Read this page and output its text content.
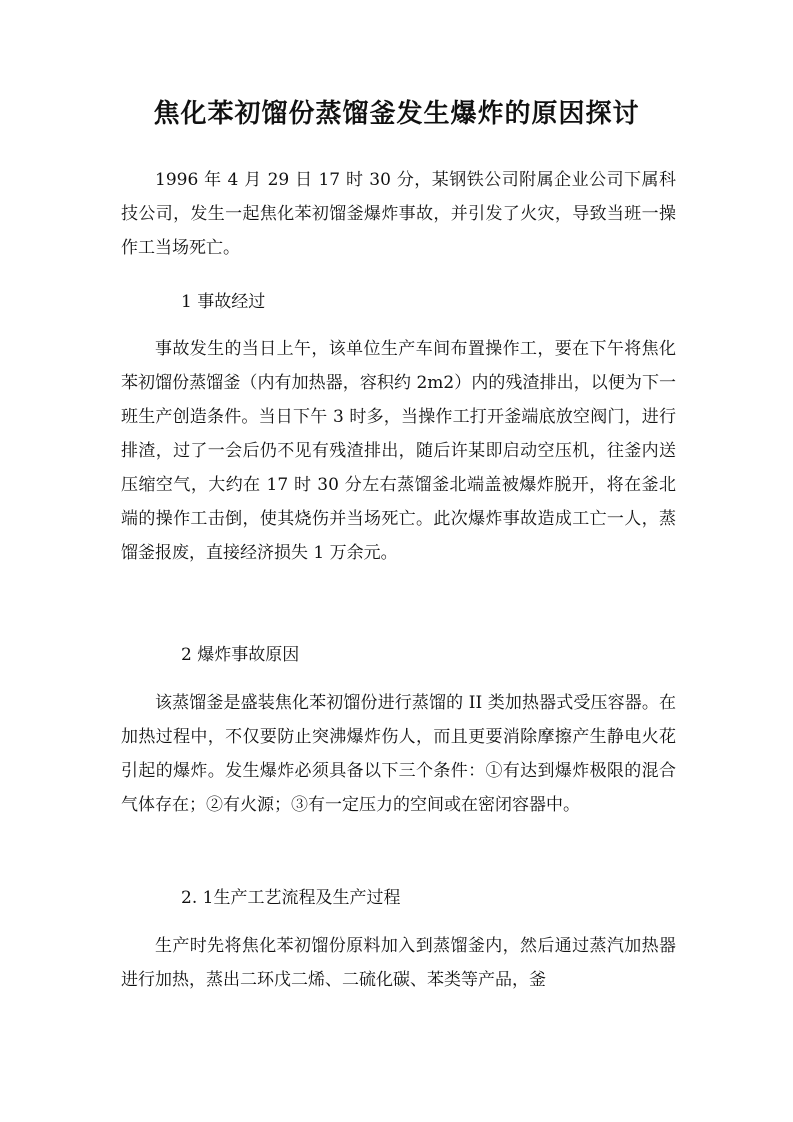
焦化苯初馏份蒸馏釜发生爆炸的原因探讨

1996 年 4 月 29 日 17 时 30 分，某钢铁公司附属企业公司下属科技公司，发生一起焦化苯初馏釜爆炸事故，并引发了火灾，导致当班一操作工当场死亡。

1 事故经过

事故发生的当日上午，该单位生产车间布置操作工，要在下午将焦化苯初馏份蒸馏釜（内有加热器，容积约 2m2）内的残渣排出，以便为下一班生产创造条件。当日下午 3 时多，当操作工打开釜端底放空阀门，进行排渣，过了一会后仍不见有残渣排出，随后许某即启动空压机，往釜内送压缩空气，大约在 17 时 30 分左右蒸馏釜北端盖被爆炸脱开，将在釜北端的操作工击倒，使其烧伤并当场死亡。此次爆炸事故造成工亡一人，蒸馏釜报废，直接经济损失 1 万余元。

2 爆炸事故原因

该蒸馏釜是盛装焦化苯初馏份进行蒸馏的 II 类加热器式受压容器。在加热过程中，不仅要防止突沸爆炸伤人，而且更要消除摩擦产生静电火花引起的爆炸。发生爆炸必须具备以下三个条件：①有达到爆炸极限的混合气体存在；②有火源；③有一定压力的空间或在密闭容器中。

2. 1生产工艺流程及生产过程

生产时先将焦化苯初馏份原料加入到蒸馏釜内，然后通过蒸汽加热器进行加热，蒸出二环戊二烯、二硫化碳、苯类等产品，釜
